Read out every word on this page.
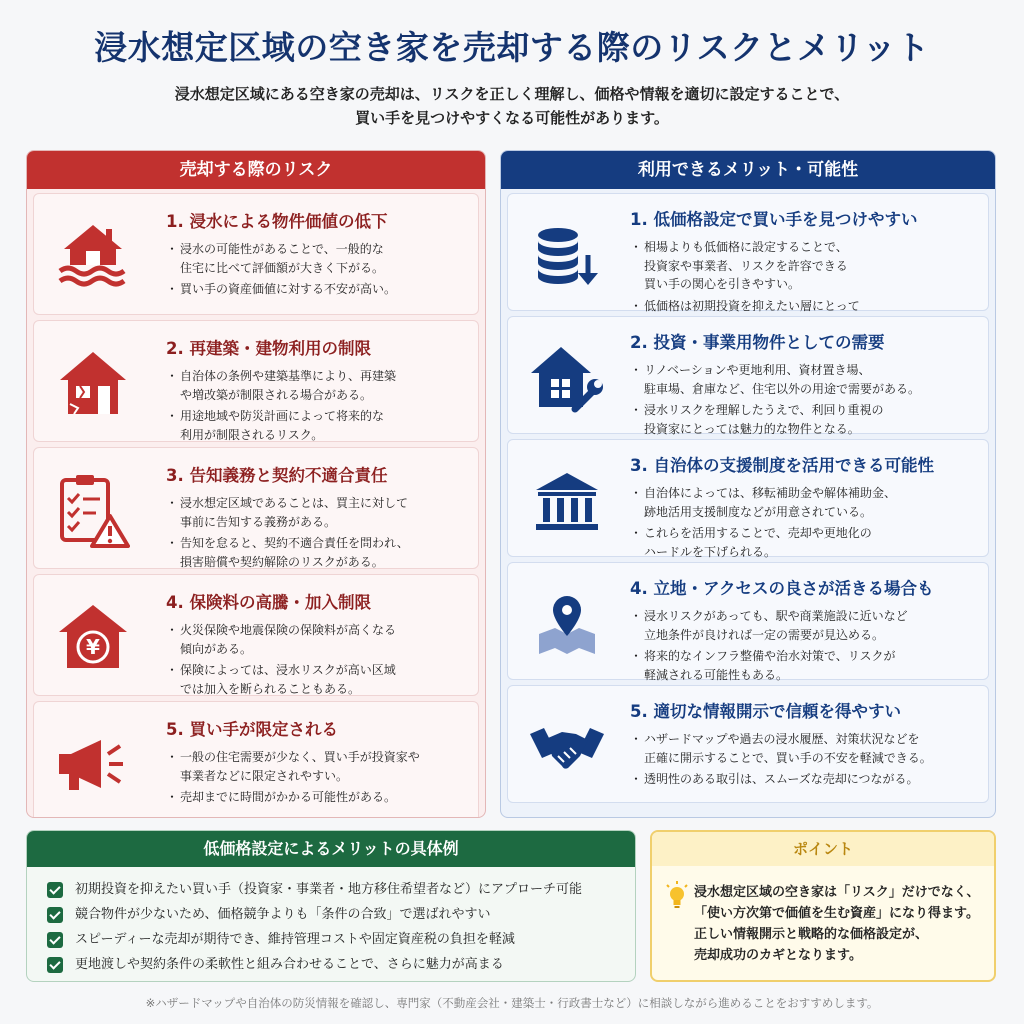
浸水想定区域の空き家を売却する際のリスクとメリット
浸水想定区域にある空き家の売却は、リスクを正しく理解し、価格や情報を適切に設定することで、
買い手を見つけやすくなる可能性があります。
売却する際のリスク
1. 浸水による物件価値の低下
・ 浸水の可能性があることで、一般的な
住宅に比べて評価額が大きく下がる。
・ 買い手の資産価値に対する不安が高い。
2. 再建築・建物利用の制限
・ 自治体の条例や建築基準により、再建築
や増改築が制限される場合がある。
・ 用途地域や防災計画によって将来的な
利用が制限されるリスク。
3. 告知義務と契約不適合責任
・ 浸水想定区域であることは、買主に対して
事前に告知する義務がある。
・ 告知を怠ると、契約不適合責任を問われ、
損害賠償や契約解除のリスクがある。
¥
4. 保険料の高騰・加入制限
・ 火災保険や地震保険の保険料が高くなる
傾向がある。
・ 保険によっては、浸水リスクが高い区域
では加入を断られることもある。
5. 買い手が限定される
・ 一般の住宅需要が少なく、買い手が投資家や
事業者などに限定されやすい。
・ 売却までに時間がかかる可能性がある。
利用できるメリット・可能性
1. 低価格設定で買い手を見つけやすい
・ 相場よりも低価格に設定することで、
投資家や事業者、リスクを許容できる
買い手の関心を引きやすい。
・ 低価格は初期投資を抑えたい層にとって

2. 投資・事業用物件としての需要
・ リノベーションや更地利用、資材置き場、
駐車場、倉庫など、住宅以外の用途で需要がある。
・ 浸水リスクを理解したうえで、利回り重視の
投資家にとっては魅力的な物件となる。
3. 自治体の支援制度を活用できる可能性
・ 自治体によっては、移転補助金や解体補助金、
跡地活用支援制度などが用意されている。
・ これらを活用することで、売却や更地化の
ハードルを下げられる。
4. 立地・アクセスの良さが活きる場合も
・ 浸水リスクがあっても、駅や商業施設に近いなど
立地条件が良ければ一定の需要が見込める。
・ 将来的なインフラ整備や治水対策で、リスクが
軽減される可能性もある。
5. 適切な情報開示で信頼を得やすい
・ ハザードマップや過去の浸水履歴、対策状況などを
正確に開示することで、買い手の不安を軽減できる。
・ 透明性のある取引は、スムーズな売却につながる。
低価格設定によるメリットの具体例
初期投資を抑えたい買い手（投資家・事業者・地方移住希望者など）にアプローチ可能
競合物件が少ないため、価格競争よりも「条件の合致」で選ばれやすい
スピーディーな売却が期待でき、維持管理コストや固定資産税の負担を軽減
更地渡しや契約条件の柔軟性と組み合わせることで、さらに魅力が高まる
ポイント
浸水想定区域の空き家は「リスク」だけでなく、
「使い方次第で価値を生む資産」になり得ます。
正しい情報開示と戦略的な価格設定が、
売却成功のカギとなります。
※ハザードマップや自治体の防災情報を確認し、専門家（不動産会社・建築士・行政書士など）に相談しながら進めることをおすすめします。
